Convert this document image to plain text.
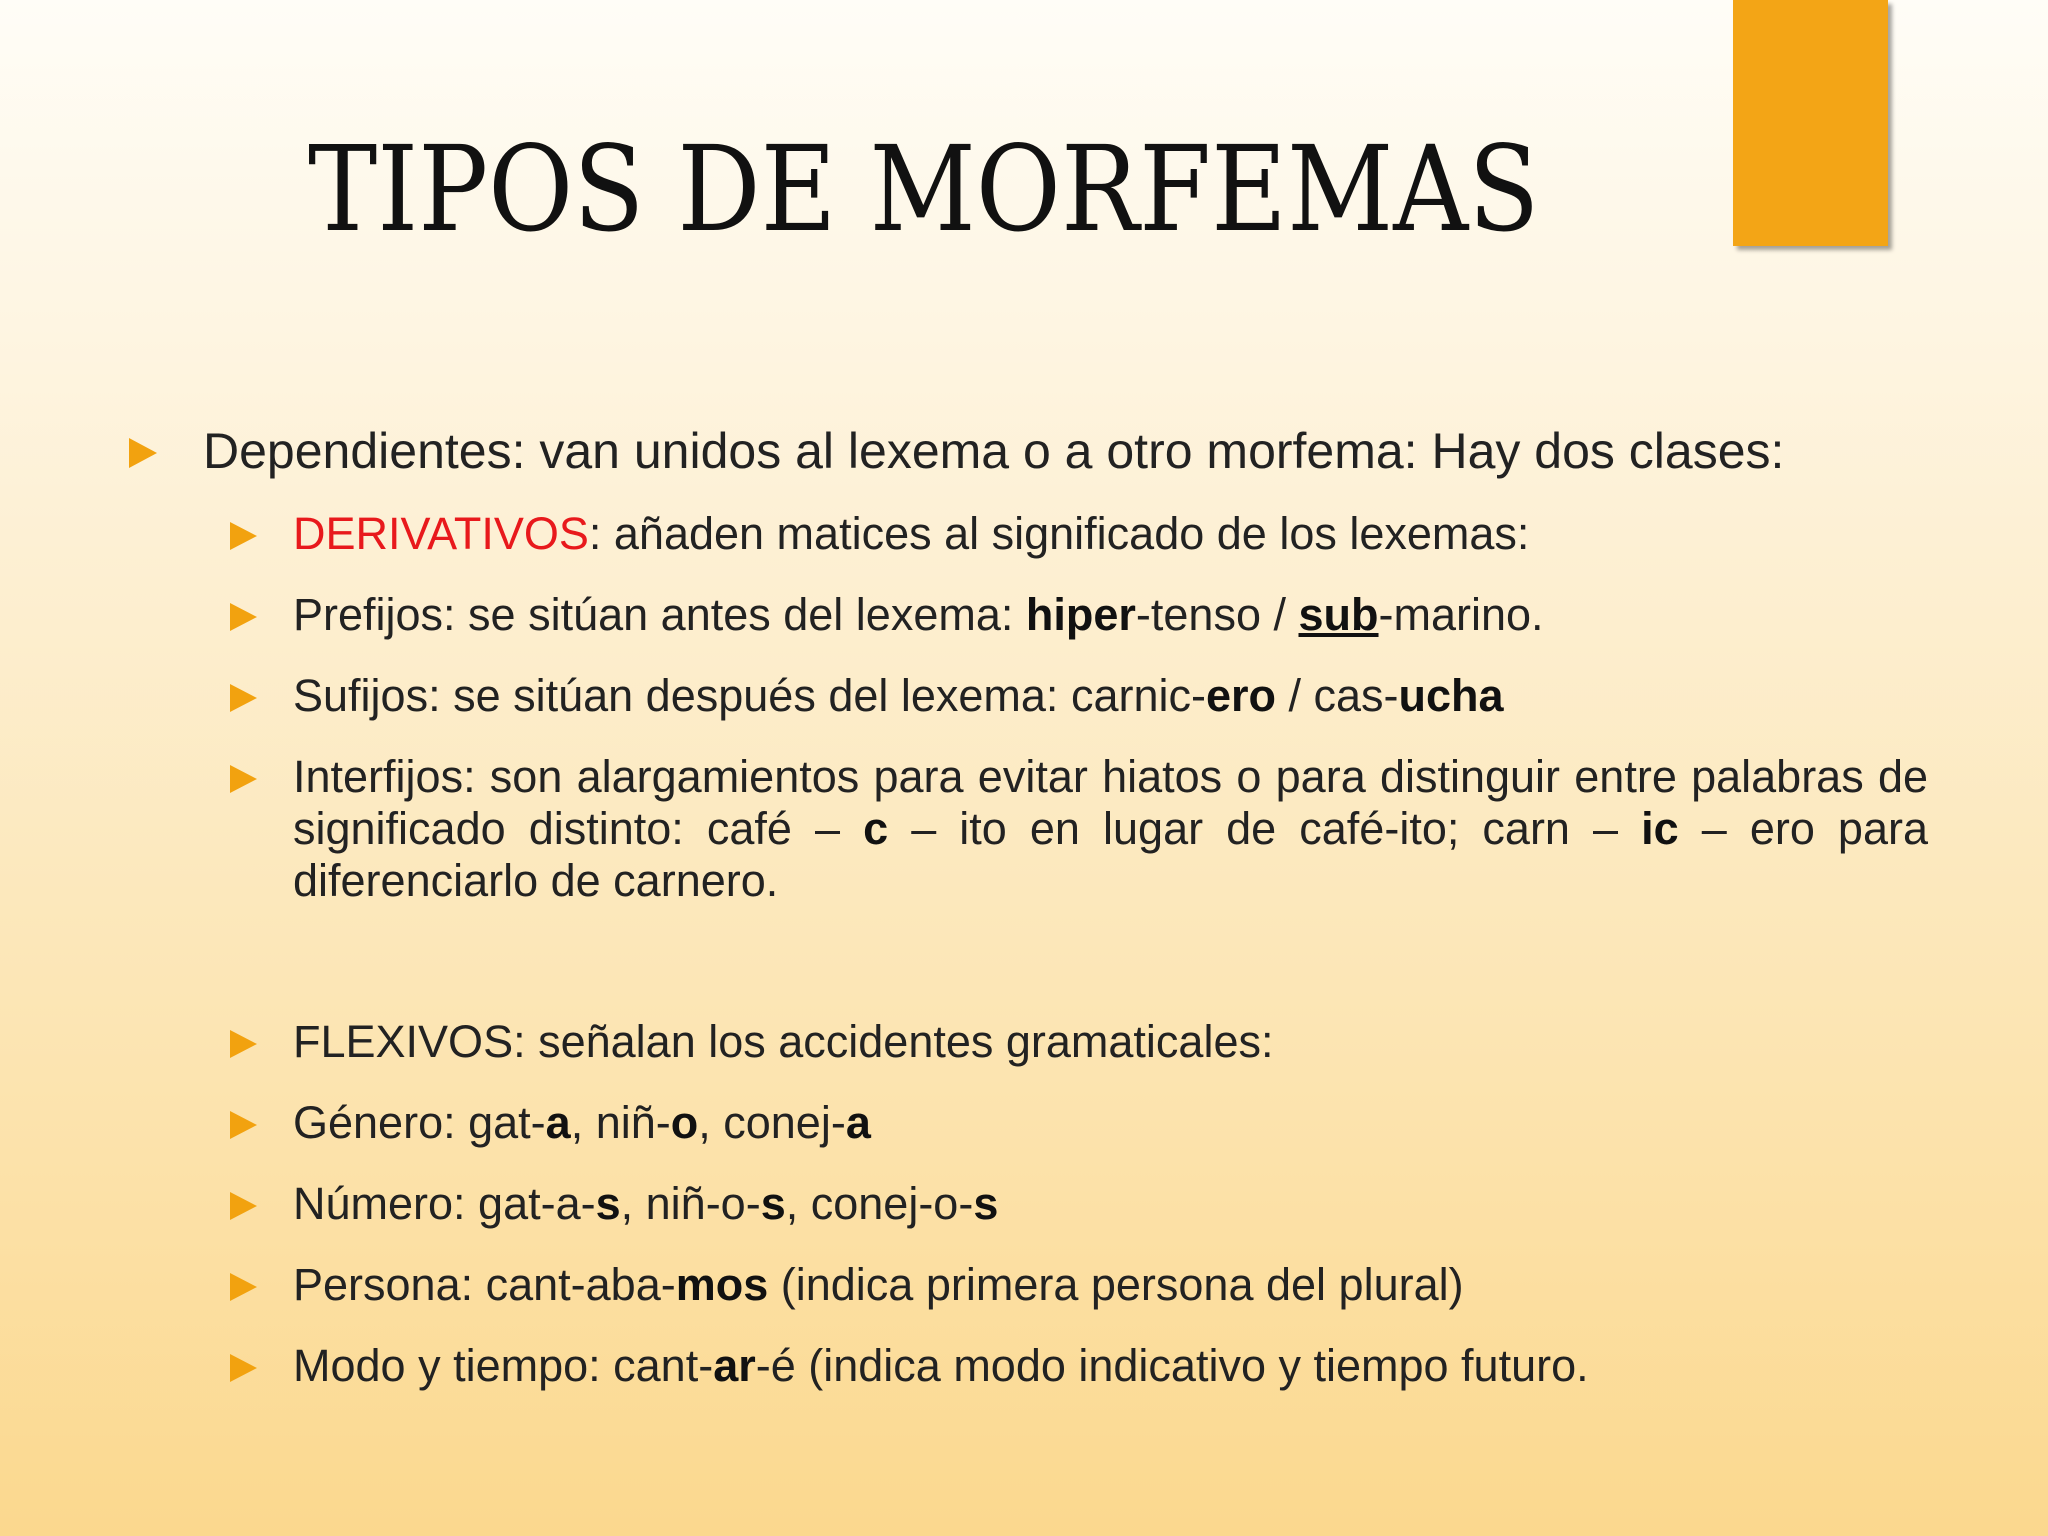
TIPOS DE MORFEMAS
Dependientes: van unidos al lexema o a otro morfema: Hay dos clases:
DERIVATIVOS: añaden matices al significado de los lexemas:
Prefijos: se sitúan antes del lexema: hiper-tenso / sub-marino.
Sufijos: se sitúan después del lexema: carnic-ero / cas-ucha
Interfijos: son alargamientos para evitar hiatos o para distinguir entre palabras de significado distinto: café – c – ito en lugar de café-ito; carn – ic – ero para diferenciarlo de carnero.
FLEXIVOS: señalan los accidentes gramaticales:
Género: gat-a, niñ-o, conej-a
Número: gat-a-s, niñ-o-s, conej-o-s
Persona: cant-aba-mos (indica primera persona del plural)
Modo y tiempo: cant-ar-é (indica modo indicativo y tiempo futuro.
